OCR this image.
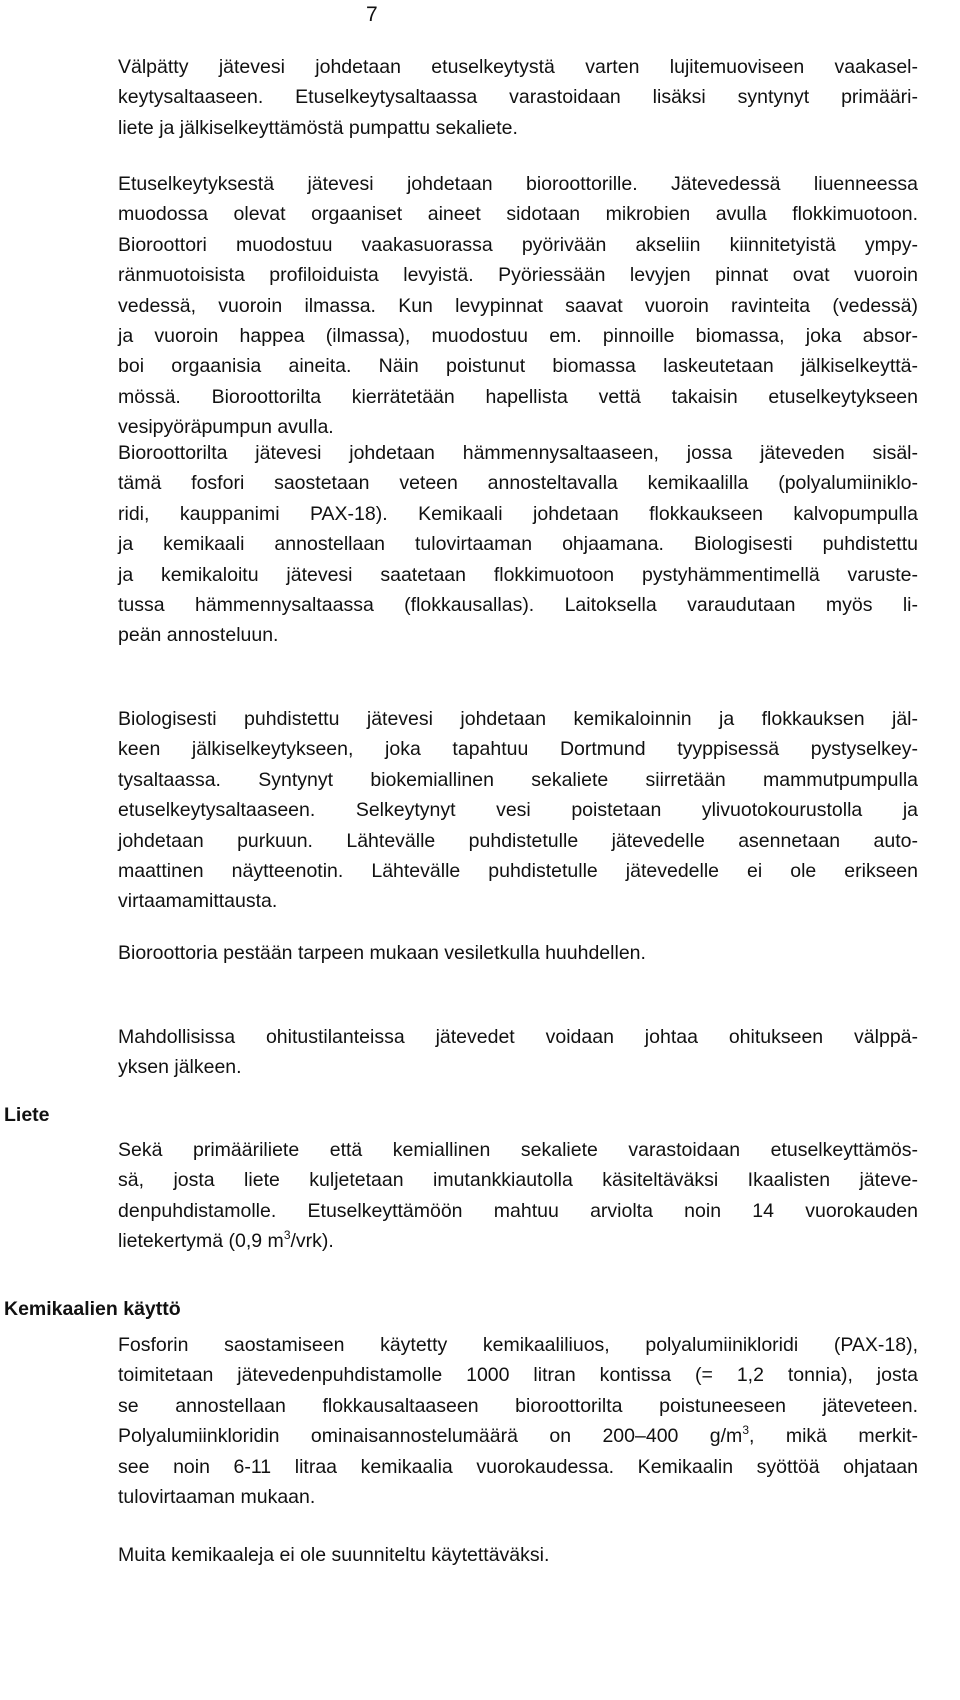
7
Välpätty jätevesi johdetaan etuselkeytystä varten lujitemuoviseen vaakasel-
keytysaltaaseen. Etuselkeytysaltaassa varastoidaan lisäksi syntynyt primääri-
liete ja jälkiselkeyttämöstä pumpattu sekaliete.
Etuselkeytyksestä jätevesi johdetaan bioroottorille. Jätevedessä liuenneessa
muodossa olevat orgaaniset aineet sidotaan mikrobien avulla flokkimuotoon.
Bioroottori muodostuu vaakasuorassa pyörivään akseliin kiinnitetyistä ympy-
ränmuotoisista profiloiduista levyistä. Pyöriessään levyjen pinnat ovat vuoroin
vedessä, vuoroin ilmassa. Kun levypinnat saavat vuoroin ravinteita (vedessä)
ja vuoroin happea (ilmassa), muodostuu em. pinnoille biomassa, joka absor-
boi orgaanisia aineita. Näin poistunut biomassa laskeutetaan jälkiselkeyttä-
mössä. Bioroottorilta kierrätetään hapellista vettä takaisin etuselkeytykseen
vesipyöräpumpun avulla.
Bioroottorilta jätevesi johdetaan hämmennysaltaaseen, jossa jäteveden sisäl-
tämä fosfori saostetaan veteen annosteltavalla kemikaalilla (polyalumiiniklo-
ridi, kauppanimi PAX-18). Kemikaali johdetaan flokkaukseen kalvopumpulla
ja kemikaali annostellaan tulovirtaaman ohjaamana. Biologisesti puhdistettu
ja kemikaloitu jätevesi saatetaan flokkimuotoon pystyhämmentimellä varuste-
tussa hämmennysaltaassa (flokkausallas). Laitoksella varaudutaan myös li-
peän annosteluun.
Biologisesti puhdistettu jätevesi johdetaan kemikaloinnin ja flokkauksen jäl-
keen jälkiselkeytykseen, joka tapahtuu Dortmund tyyppisessä pystyselkey-
tysaltaassa. Syntynyt biokemiallinen sekaliete siirretään mammutpumpulla
etuselkeytysaltaaseen. Selkeytynyt vesi poistetaan ylivuotokourustolla ja
johdetaan purkuun. Lähtevälle puhdistetulle jätevedelle asennetaan auto-
maattinen näytteenotin. Lähtevälle puhdistetulle jätevedelle ei ole erikseen
virtaamamittausta.
Bioroottoria pestään tarpeen mukaan vesiletkulla huuhdellen.
Mahdollisissa ohitustilanteissa jätevedet voidaan johtaa ohitukseen välppä-
yksen jälkeen.
Liete
Sekä primääriliete että kemiallinen sekaliete varastoidaan etuselkeyttämös-
sä, josta liete kuljetetaan imutankkiautolla käsiteltäväksi Ikaalisten jäteve-
denpuhdistamolle. Etuselkeyttämöön mahtuu arviolta noin 14 vuorokauden
lietekertymä (0,9 $m^3/vrk$).
Kemikaalien käyttö
Fosforin saostamiseen käytetty kemikaaliliuos, polyalumiinikloridi (PAX-18),
toimitetaan jätevedenpuhdistamolle 1000 litran kontissa (= 1,2 tonnia), josta
se annostellaan flokkausaltaaseen bioroottorilta poistuneeseen jäteveteen.
Polyalumiinkloridin ominaisannostelumäärä on 200–400 $g/m^3$, mikä merkit-
see noin 6-11 litraa kemikaalia vuorokaudessa. Kemikaalin syöttöä ohjataan
tulovirtaaman mukaan.
Muita kemikaaleja ei ole suunniteltu käytettäväksi.
